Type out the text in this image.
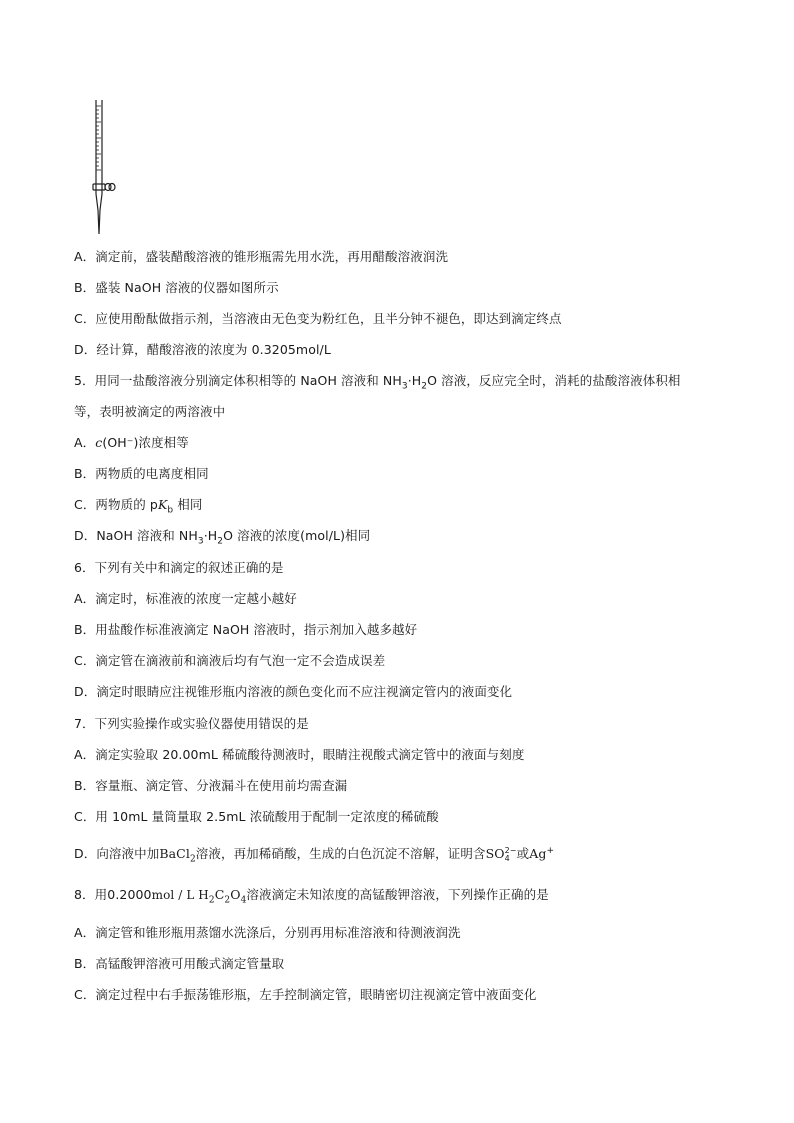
A．滴定前，盛装醋酸溶液的锥形瓶需先用水洗，再用醋酸溶液润洗
B．盛装 NaOH 溶液的仪器如图所示
C．应使用酚酞做指示剂，当溶液由无色变为粉红色，且半分钟不褪色，即达到滴定终点
D．经计算，醋酸溶液的浓度为 0.3205mol/L
5．用同一盐酸溶液分别滴定体积相等的 NaOH 溶液和 $NH_3\cdot H_2O$ 溶液，反应完全时，消耗的盐酸溶液体积相
等，表明被滴定的两溶液中
A．c(OH⁻)浓度相等
B．两物质的电离度相同
C．两物质的 $pK_b$ 相同
D．NaOH 溶液和 $NH_3\cdot H_2O$ 溶液的浓度(mol/L)相同
6．下列有关中和滴定的叙述正确的是
A．滴定时，标准液的浓度一定越小越好
B．用盐酸作标准液滴定 NaOH 溶液时，指示剂加入越多越好
C．滴定管在滴液前和滴液后均有气泡一定不会造成误差
D．滴定时眼睛应注视锥形瓶内溶液的颜色变化而不应注视滴定管内的液面变化
7．下列实验操作或实验仪器使用错误的是
A．滴定实验取 20.00mL 稀硫酸待测液时，眼睛注视酸式滴定管中的液面与刻度
B．容量瓶、滴定管、分液漏斗在使用前均需查漏
C．用 10mL 量筒量取 2.5mL 浓硫酸用于配制一定浓度的稀硫酸
D．向溶液中加BaCl$_2$溶液，再加稀硝酸，生成的白色沉淀不溶解，证明含SO 2−
4 或Ag+
8．用0.2000mol / L $H_2C_2O_4$溶液滴定未知浓度的高锰酸钾溶液，下列操作正确的是
A．滴定管和锥形瓶用蒸馏水洗涤后，分别再用标准溶液和待测液润洗
B．高锰酸钾溶液可用酸式滴定管量取
C．滴定过程中右手振荡锥形瓶，左手控制滴定管，眼睛密切注视滴定管中液面变化
